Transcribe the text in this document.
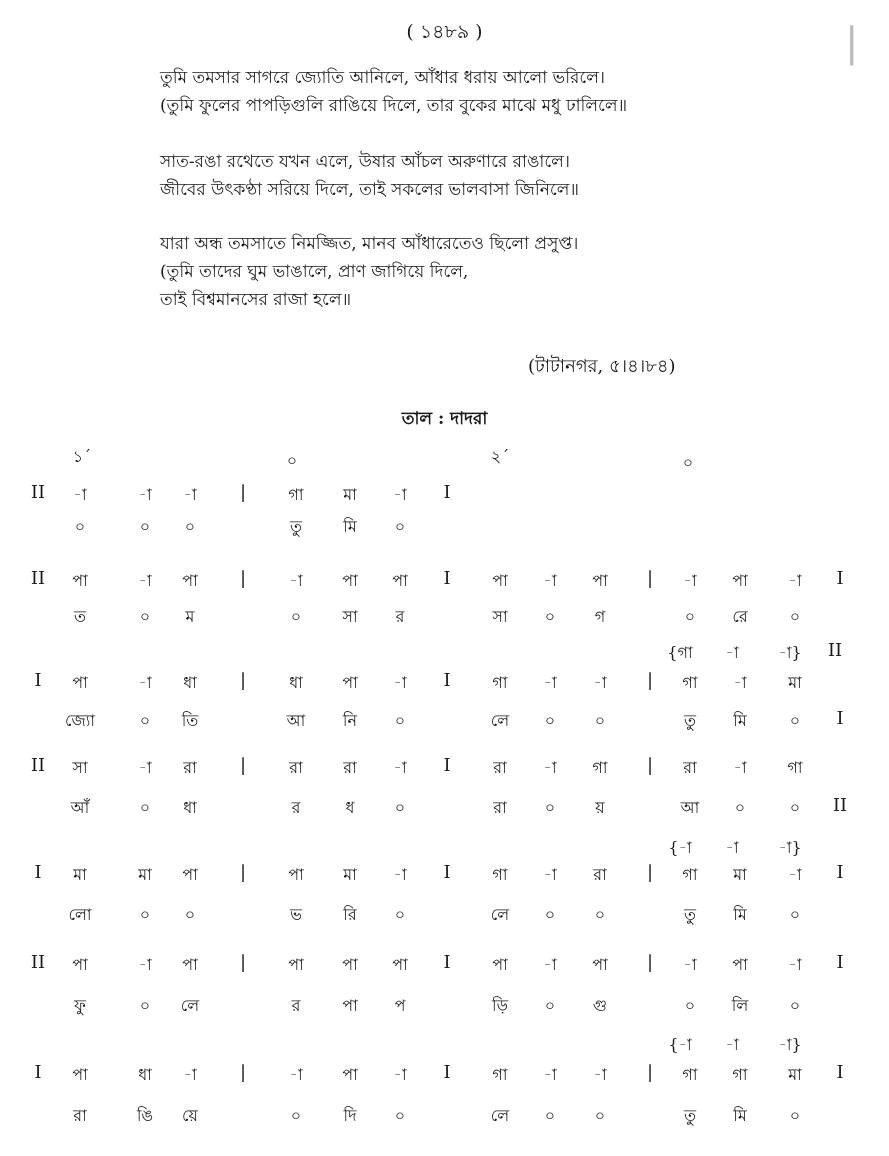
( ১৪৮৯ )
তুমি তমসার সাগরে জ্যোতি আনিলে, আঁধার ধরায় আলো ভরিলে।
(তুমি ফুলের পাপড়িগুলি রাঙিয়ে দিলে, তার বুকের মাঝে মধু ঢালিলে॥
সাত-রঙা রথেতে যখন এলে, উষার আঁচল অরুণারে রাঙালে।
জীবের উৎকণ্ঠা সরিয়ে দিলে, তাই সকলের ভালবাসা জিনিলে॥
যারা অন্ধ তমসাতে নিমজ্জিত, মানব আঁধারেতেও ছিলো প্রসুপ্ত।
(তুমি তাদের ঘুম ভাঙালে, প্রাণ জাগিয়ে দিলে,
তাই বিশ্বমানসের রাজা হলে॥
(টাটানগর, ৫।৪।৮৪)
তাল : দাদরা
|
১´	০	২´	০
II -া	-া -া |	গা মা -া I
০	০ ০	তু	মি ০
II পা	-া পা |	-া পা পা I	পা -া পা | -া পা	-া I
ত	০ ম	০	সা র	সা ০ গ	০ রে	০
{গা -া -া} II
I পা	-া ধা |	ধা পা -া I	গা -া -া | গা -া	মা
জ্যো	০ তি	আ নি ০	লে ০ ০	তু মি	০ I
II সা	-া রা |	রা	রা -া I	রা -া গা | রা -া	গা
আঁ	০ ধা	র	ধ	০	রা ০	য়	আ ০	০ II
{-া -া -া}
I মা	মা পা |	পা মা -া I	গা -া রা | গা মা	-া I
লো	০ ০	ভ	রি ০	লে ০ ০	তু মি	০
II পা	-া পা |	পা পা পা I	পা -া পা | -া পা	-া I
ফু	০ লে	র	পা প	ড়ি ০ গু	০ লি	০
{-া -া -া}
I পা	ধা -া |	-া পা -া I	গা -া -া | গা গা	মা I
রা	ঙি য়ে	০	দি ০	লে ০ ০	তু মি	০
